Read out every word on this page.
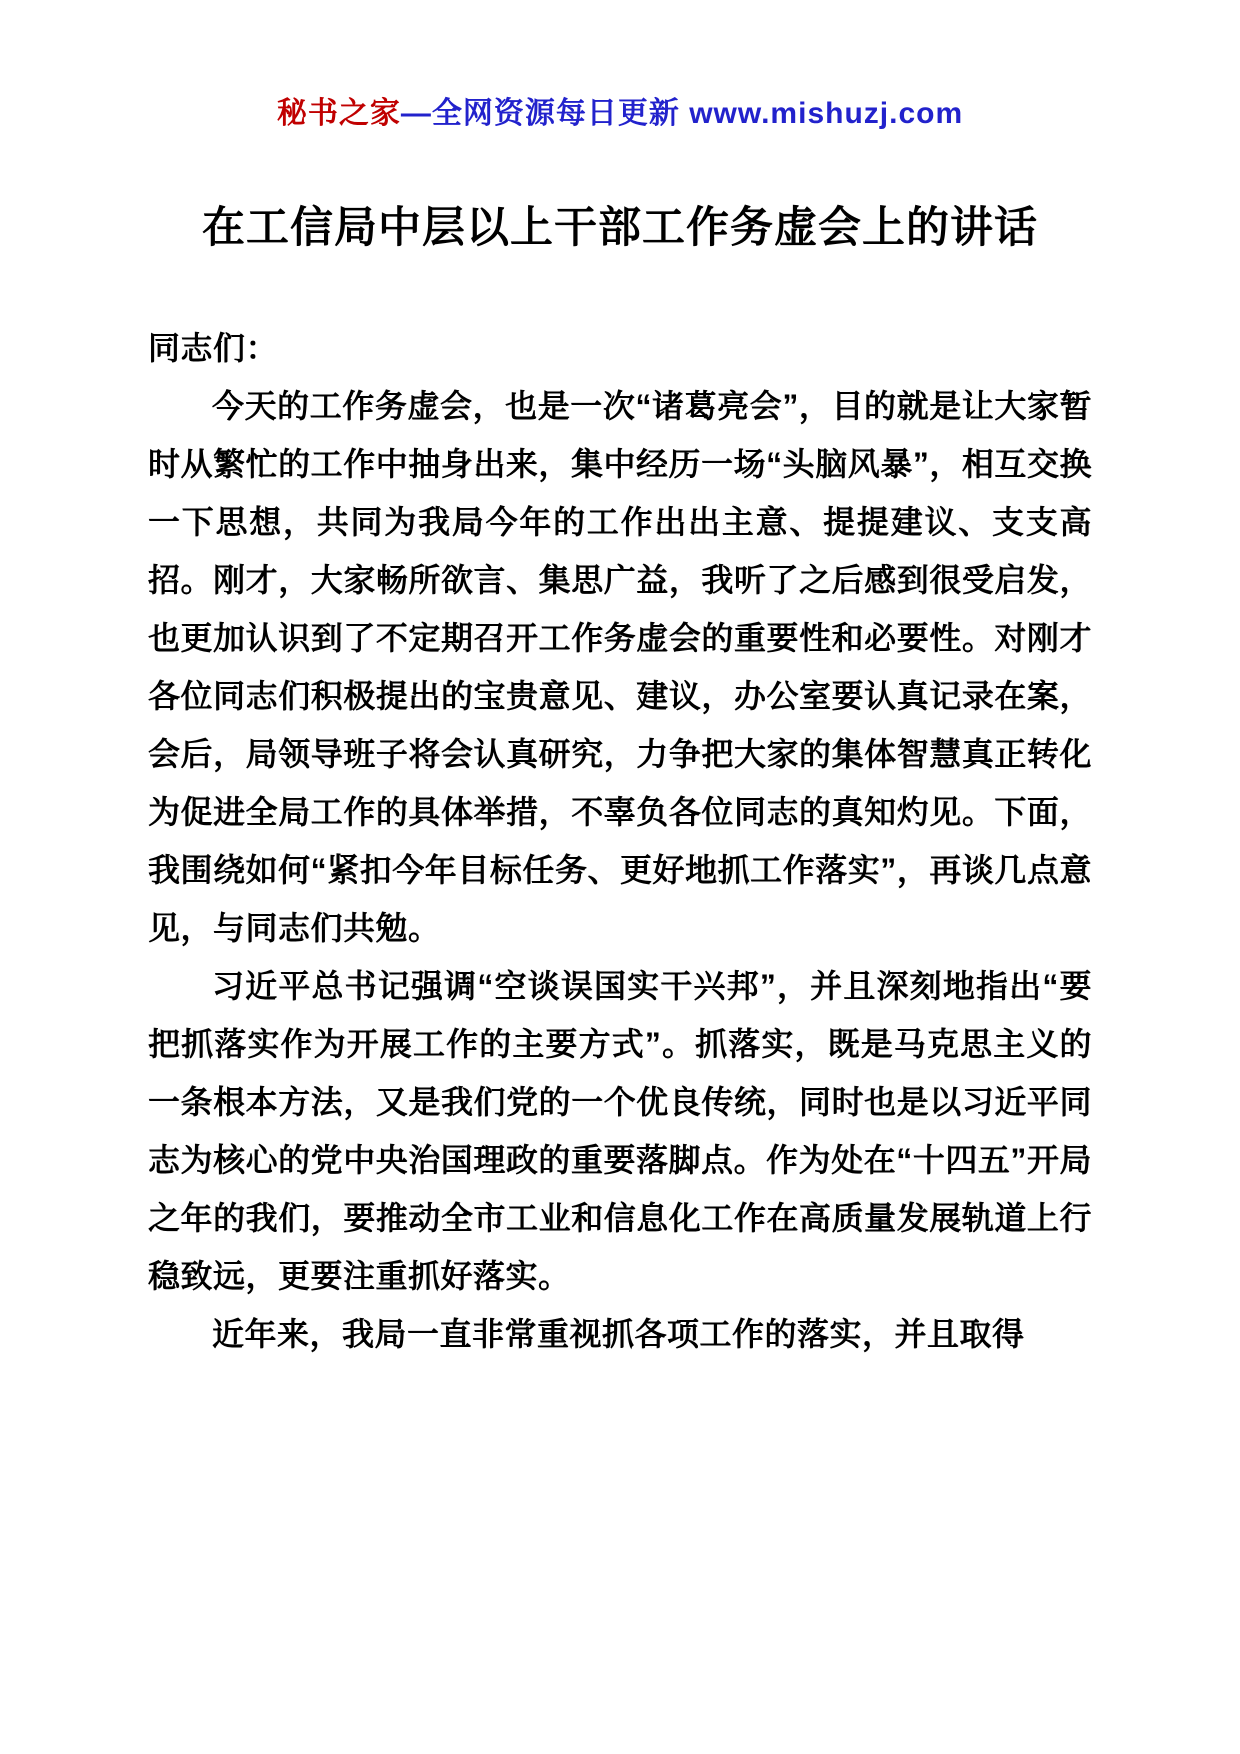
秘书之家—全网资源每日更新 www.mishuzj.com
在工信局中层以上干部工作务虚会上的讲话

同志们：

今天的工作务虚会，也是一次“诸葛亮会”，目的就是让大家暂时从繁忙的工作中抽身出来，集中经历一场“头脑风暴”，相互交换一下思想，共同为我局今年的工作出出主意、提提建议、支支高招。刚才，大家畅所欲言、集思广益，我听了之后感到很受启发，也更加认识到了不定期召开工作务虚会的重要性和必要性。对刚才各位同志们积极提出的宝贵意见、建议，办公室要认真记录在案，会后，局领导班子将会认真研究，力争把大家的集体智慧真正转化为促进全局工作的具体举措，不辜负各位同志的真知灼见。下面，我围绕如何“紧扣今年目标任务、更好地抓工作落实”，再谈几点意见，与同志们共勉。

习近平总书记强调“空谈误国实干兴邦”，并且深刻地指出“要把抓落实作为开展工作的主要方式”。抓落实，既是马克思主义的一条根本方法，又是我们党的一个优良传统，同时也是以习近平同志为核心的党中央治国理政的重要落脚点。作为处在“十四五”开局之年的我们，要推动全市工业和信息化工作在高质量发展轨道上行稳致远，更要注重抓好落实。

近年来，我局一直非常重视抓各项工作的落实，并且取得
